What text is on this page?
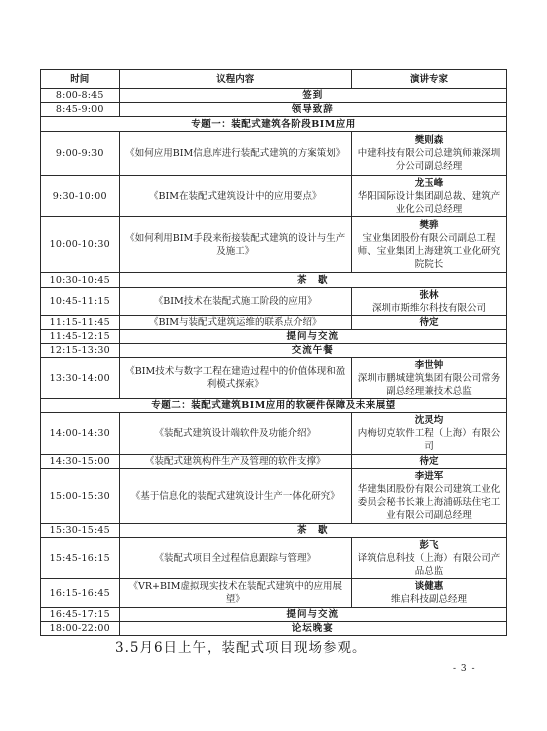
时间	议程内容	演讲专家
8:00-8:45	签到	
8:45-9:00	领导致辞	
专题一：装配式建筑各阶段BIM应用		
9:00-9:30	《如何应用BIM信息库进行装配式建筑的方案策划》	樊则森
中建科技有限公司总建筑师兼深圳分公司副总经理

9:30-10:00	《BIM在装配式建筑设计中的应用要点》	龙玉峰
华阳国际设计集团副总裁、建筑产业化公司总经理

10:00-10:30	《如何利用BIM手段来衔接装配式建筑的设计与生产及施工》	樊骅
宝业集团股份有限公司副总工程师、宝业集团上海建筑工业化研究院院长

10:30-10:45	茶　歇	
10:45-11:15	《BIM技术在装配式施工阶段的应用》	张林
深圳市斯维尔科技有限公司

11:15-11:45	《BIM与装配式建筑运维的联系点介绍》	待定
11:45-12:15	提问与交流	
12:15-13:30	交流午餐	
13:30-14:00	《BIM技术与数字工程在建造过程中的价值体现和盈利模式探索》	李世钟
深圳市鹏城建筑集团有限公司常务副总经理兼技术总监

专题二：装配式建筑BIM应用的软硬件保障及未来展望		
14:00-14:30	《装配式建筑设计端软件及功能介绍》	沈灵均
内梅切克软件工程（上海）有限公司

14:30-15:00	《装配式建筑构件生产及管理的软件支撑》	待定
15:00-15:30	《基于信息化的装配式建筑设计生产一体化研究》	李进军
华建集团股份有限公司建筑工业化委员会秘书长兼上海浦砾珐住宅工业有限公司副总经理

15:30-15:45	茶　歇	
15:45-16:15	《装配式项目全过程信息跟踪与管理》	彭飞
译筑信息科技（上海）有限公司产品总监

16:15-16:45	《VR+BIM虚拟现实技术在装配式建筑中的应用展望》	谈健惠
维启科技副总经理

16:45-17:15	提问与交流	
18:00-22:00	论坛晚宴	
3.5月6日上午，装配式项目现场参观。
- 3 -
